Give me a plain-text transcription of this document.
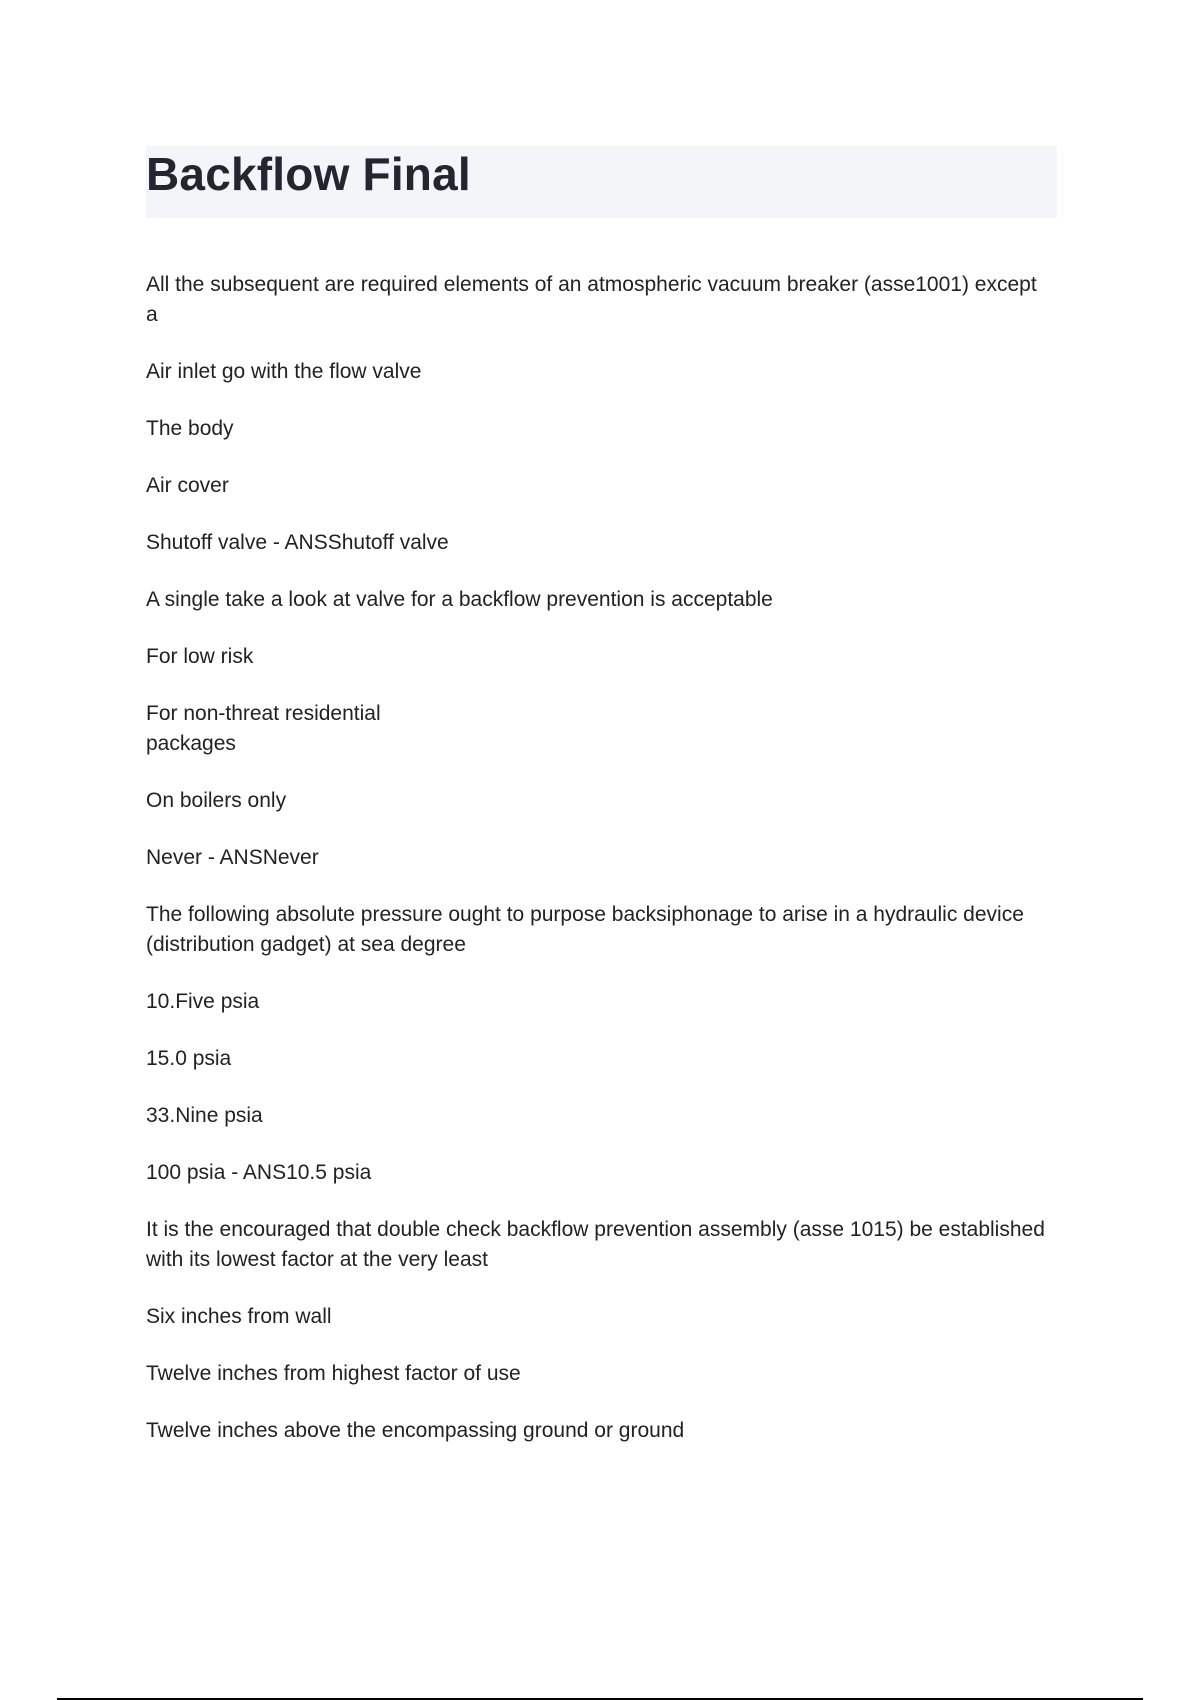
Backflow Final

All the subsequent are required elements of an atmospheric vacuum breaker (asse1001) except a

Air inlet go with the flow valve

The body

Air cover

Shutoff valve - ANSShutoff valve

A single take a look at valve for a backflow prevention is acceptable

For low risk

For non-threat residential
packages

On boilers only

Never - ANSNever

The following absolute pressure ought to purpose backsiphonage to arise in a hydraulic device (distribution gadget) at sea degree

10.Five psia

15.0 psia

33.Nine psia

100 psia - ANS10.5 psia

It is the encouraged that double check backflow prevention assembly (asse 1015) be established with its lowest factor at the very least

Six inches from wall

Twelve inches from highest factor of use

Twelve inches above the encompassing ground or ground
